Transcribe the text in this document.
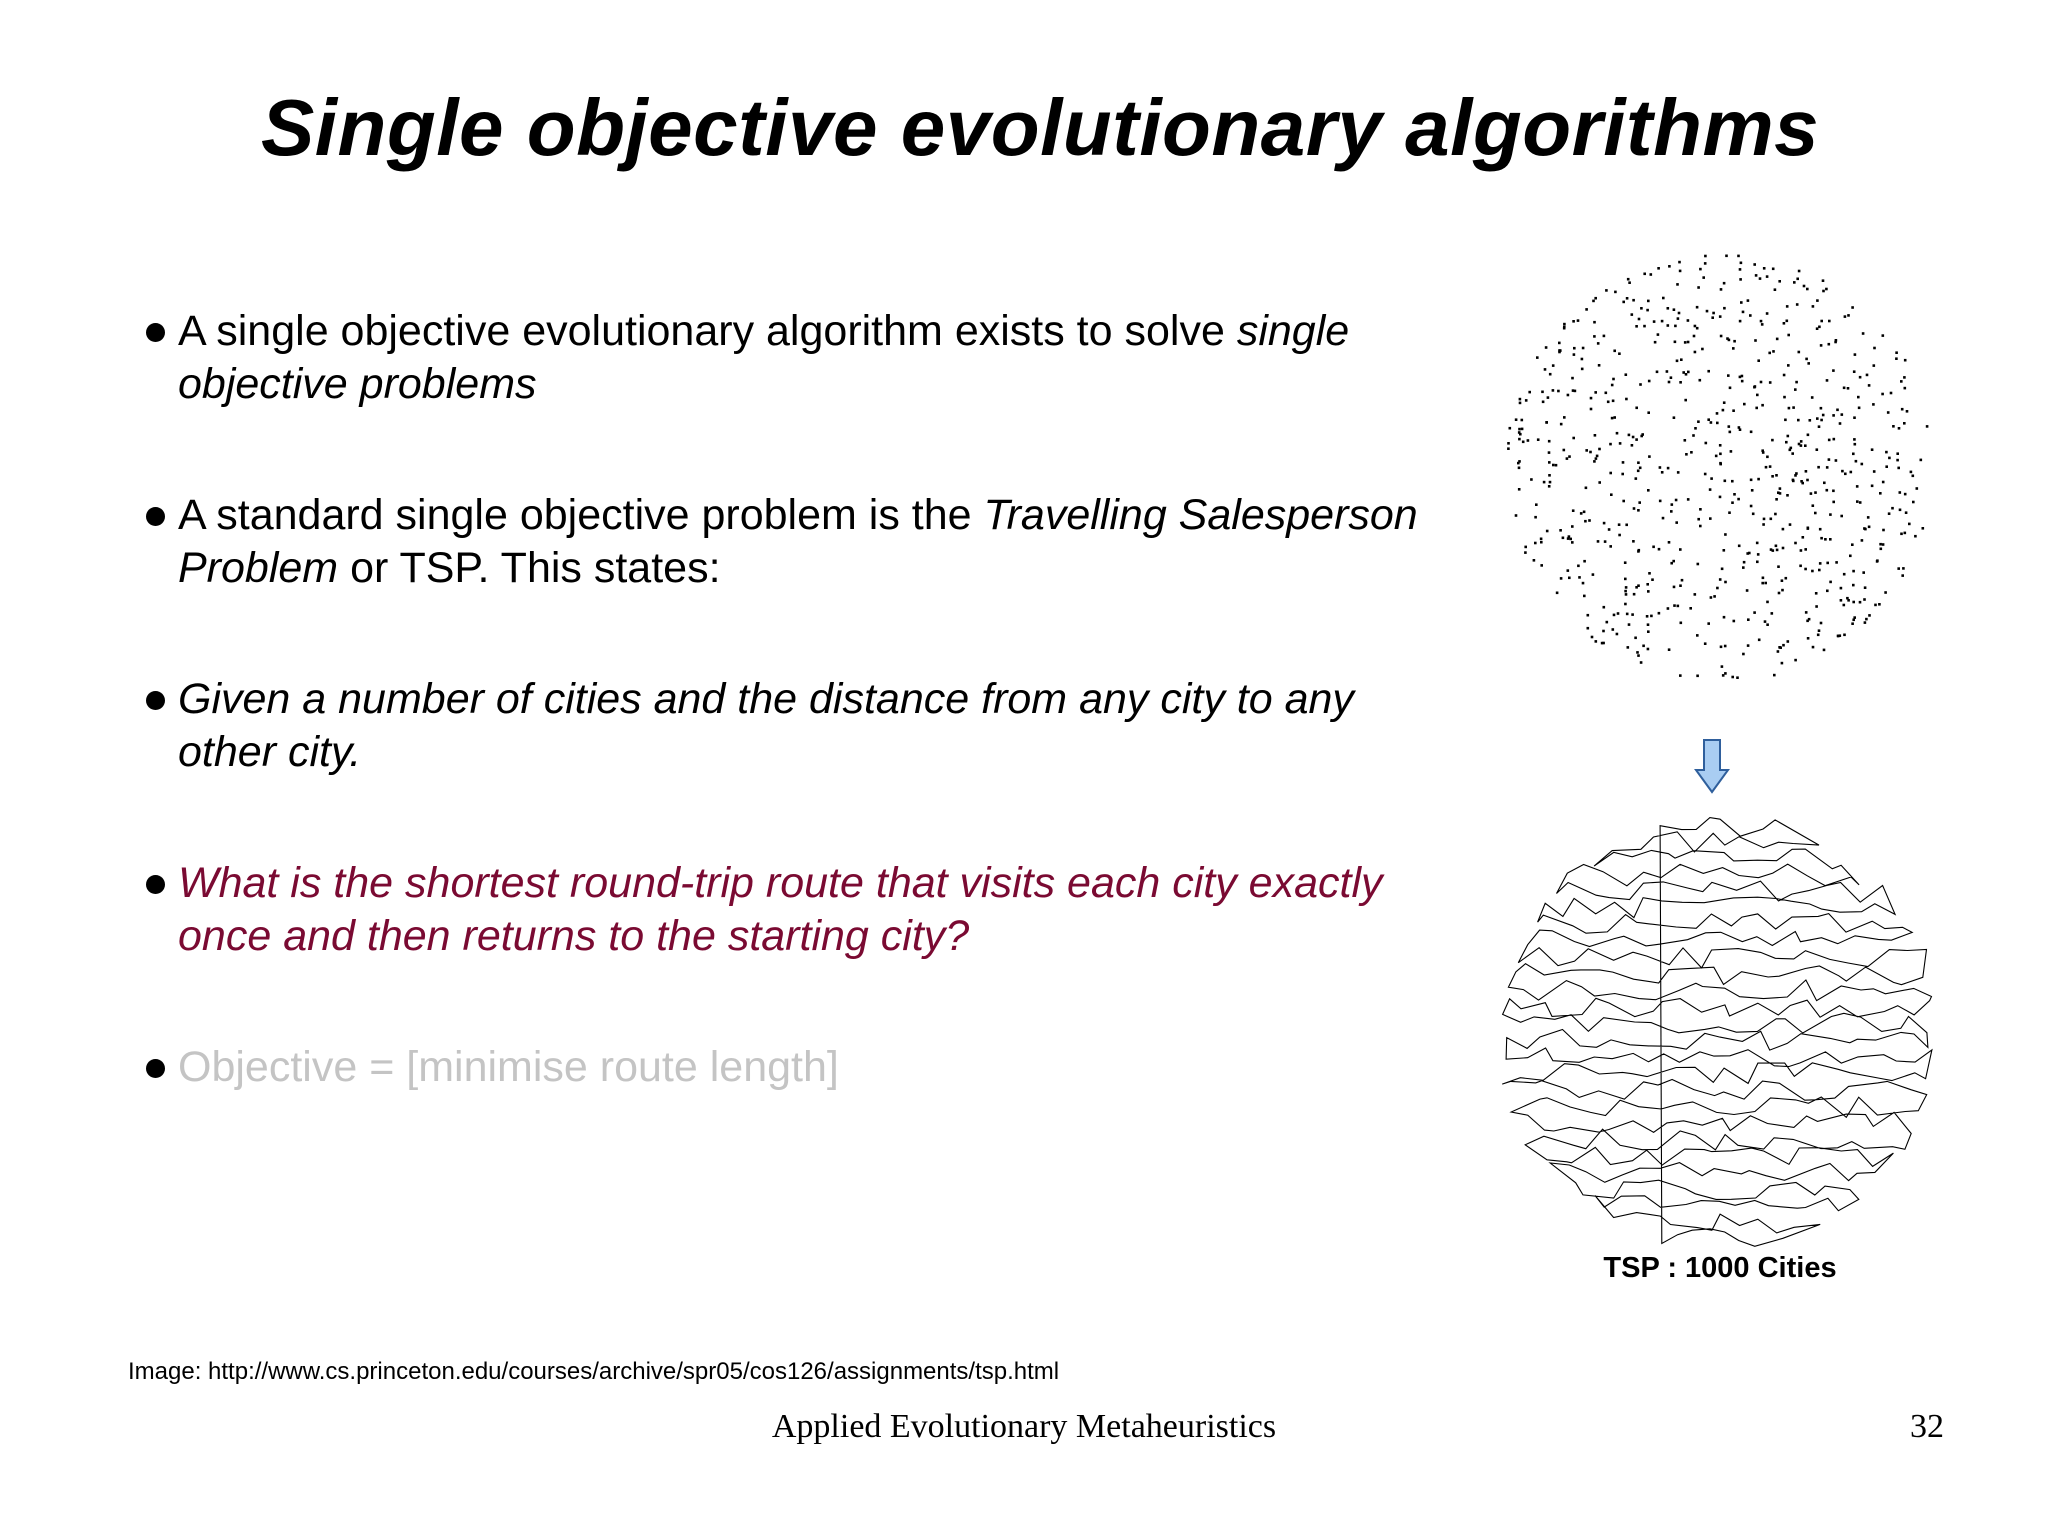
Single objective evolutionary algorithms
A single objective evolutionary algorithm exists to solve single objective problems
A standard single objective problem is the Travelling Salesperson Problem or TSP. This states:
Given a number of cities and the distance from any city to any other city.
What is the shortest round-trip route that visits each city exactly once and then returns to the starting city?
Objective = [minimise route length]
TSP : 1000 Cities
Image: http://www.cs.princeton.edu/courses/archive/spr05/cos126/assignments/tsp.html
Applied Evolutionary Metaheuristics	32
